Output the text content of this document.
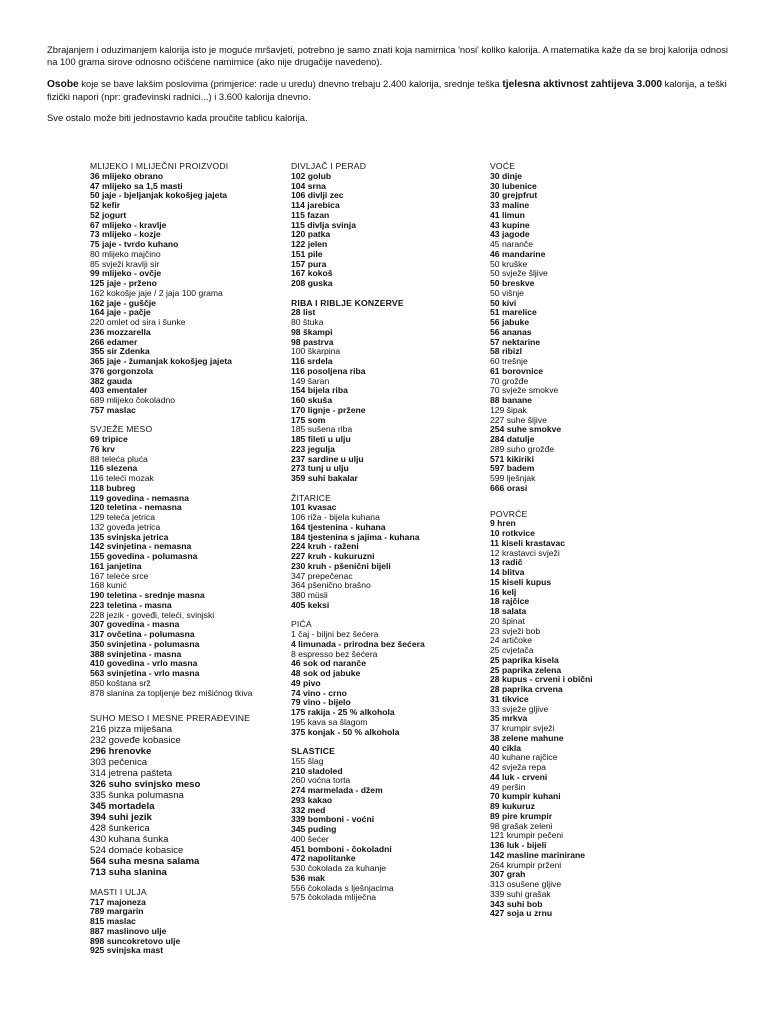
Zbrajanjem i oduzimanjem kalorija isto je moguće mršavjeti, potrebno je samo znati koja namirnica 'nosi' koliko kalorija. A matematika kaže da se broj kalorija odnosi na 100 grama sirove odnosno očišćene namirnice (ako nije drugačije navedeno).

Osobe koje se bave lakšim poslovima (primjerice: rade u uredu) dnevno trebaju 2.400 kalorija, srednje teška tjelesna aktivnost zahtijeva 3.000 kalorija, a teški fizički napori (npr: građevinski radnici...) i 3.600 kalorija dnevno.

Sve ostalo može biti jednostavno kada proučite tablicu kalorija.

MLIJEKO I MLIJEČNI PROIZVODI
36 mlijeko obrano
47 mlijeko sa 1,5 masti
50 jaje - bjeljanjak kokošjeg jajeta
52 kefir
52 jogurt
67 mlijeko - kravlje
73 mlijeko - kozje
75 jaje - tvrdo kuhano
80 mlijeko majčino
85 svježi kravlji sir
99 mlijeko - ovčje
125 jaje - prženo
162 kokošje jaje / 2 jaja 100 grama
162 jaje - guščje
164 jaje - pačje
220 omlet od sira i šunke
236 mozzarella
266 edamer
355 sir Zdenka
365 jaje - žumanjak kokošjeg jajeta
376 gorgonzola
382 gauda
403 ementaler
689 mlijeko čokoladno
757 maslac
SVJEŽE MESO
69 tripice
76 krv
88 teleća pluća
116 slezena
116 teleći mozak
118 bubreg
119 govedina - nemasna
120 teletina - nemasna
129 teleća jetrica
132 goveđa jetrica
135 svinjska jetrica
142 svinjetina - nemasna
155 govedina - polumasna
161 janjetina
167 teleće srce
168 kunić
190 teletina - srednje masna
223 teletina - masna
228 jezik - goveđi, teleći, svinjski
307 govedina - masna
317 ovčetina - polumasna
350 svinjetina - polumasna
388 svinjetina - masna
410 govedina - vrlo masna
563 svinjetina - vrlo masna
850 koštana srž
878 slanina za topljenje bez mišićnog tkiva
SUHO MESO I MESNE PRERAĐEVINE
216 pizza miješana
232 goveđe kobasice
296 hrenovke
303 pečenica
314 jetrena pašteta
326 suho svinjsko meso
335 šunka polumasna
345 mortadela
394 suhi jezik
428 šunkerica
430 kuhana šunka
524 domaće kobasice
564 suha mesna salama
713 suha slanina
MASTI I ULJA
717 majoneza
789 margarin
815 maslac
887 maslinovo ulje
898 suncokretovo ulje
925 svinjska mast
DIVLJAČ I PERAD
102 golub
104 srna
106 divlji zec
114 jarebica
115 fazan
115 divlja svinja
120 patka
122 jelen
151 pile
157 pura
167 kokoš
208 guska
RIBA I RIBLJE KONZERVE
28 list
80 štuka
98 škampi
98 pastrva
100 škarpina
116 srdela
116 posoljena riba
149 šaran
154 bijela riba
160 skuša
170 lignje - pržene
175 som
185 sušena riba
185 fileti u ulju
223 jegulja
237 sardine u ulju
273 tunj u ulju
359 suhi bakalar
ŽITARICE
101 kvasac
106 riža - bijela kuhana
164 tjestenina - kuhana
184 tjestenina s jajima - kuhana
224 kruh - raženi
227 kruh - kukuruzni
230 kruh - pšenični bijeli
347 prepečenac
364 pšenično brašno
380 müsli
405 keksi
PIĆA
1 čaj - biljni bez šećera
4 limunada - prirodna bez šećera
8 espresso bez šećera
46 sok od naranče
48 sok od jabuke
49 pivo
74 vino - crno
79 vino - bijelo
175 rakija - 25 % alkohola
195 kava sa šlagom
375 konjak - 50 % alkohola
SLASTICE
155 šlag
210 sladoled
260 voćna torta
274 marmelada - džem
293 kakao
332 med
339 bomboni - voćni
345 puding
400 šećer
451 bomboni - čokoladni
472 napolitanke
530 čokolada za kuhanje
536 mak
556 čokolada s lješnjacima
575 čokolada mliječna
VOĆE
30 dinje
30 lubenice
30 grejpfrut
33 maline
41 limun
43 kupine
43 jagode
45 naranče
46 mandarine
50 kruške
50 svježe šljive
50 breskve
50 višnje
50 kivi
51 marelice
56 jabuke
56 ananas
57 nektarine
58 ribizl
60 trešnje
61 borovnice
70 grožđe
70 svježe smokve
88 banane
129 šipak
227 suhe šljive
254 suhe smokve
284 datulje
289 suho grožđe
571 kikiriki
597 badem
599 lješnjak
666 orasi
POVRĆE
9 hren
10 rotkvice
11 kiseli krastavac
12 krastavci svježi
13 radič
14 blitva
15 kiseli kupus
16 kelj
18 rajčice
18 salata
20 špinat
23 svježi bob
24 artičoke
25 cvjetača
25 paprika kisela
25 paprika zelena
28 kupus - crveni i obični
28 paprika crvena
31 tikvice
33 svježe gljive
35 mrkva
37 krumpir svježi
38 zelene mahune
40 cikla
40 kuhane rajčice
42 svježa repa
44 luk - crveni
49 peršin
70 kumpir kuhani
89 kukuruz
89 pire krumpir
98 grašak zeleni
121 krumpir pečeni
136 luk - bijeli
142 masline marinirane
264 krumpir prženi
307 grah
313 osušene gljive
339 suhi grašak
343 suhi bob
427 soja u zrnu
